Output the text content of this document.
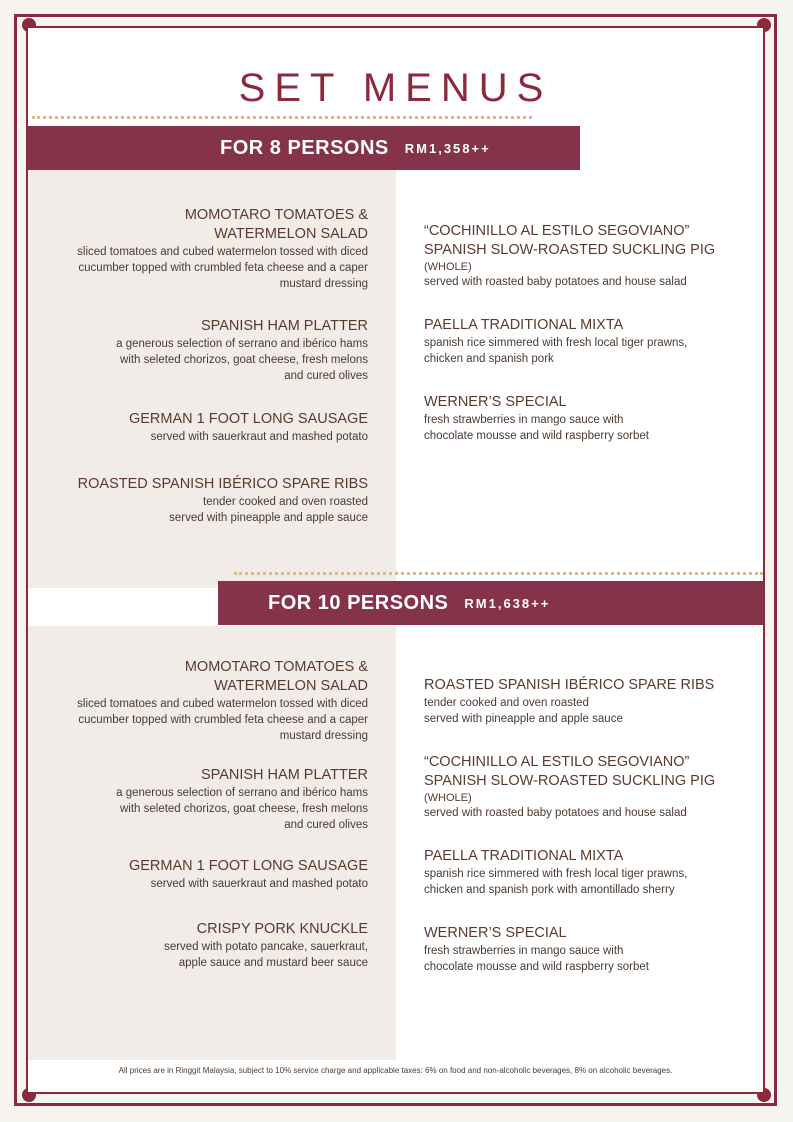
SET MENUS
FOR 8 PERSONS RM1,358++
MOMOTARO TOMATOES & WATERMELON SALAD
sliced tomatoes and cubed watermelon tossed with diced cucumber topped with crumbled feta cheese and a caper mustard dressing
SPANISH HAM PLATTER
a generous selection of serrano and ibérico hams with seleted chorizos, goat cheese, fresh melons and cured olives
GERMAN 1 FOOT LONG SAUSAGE
served with sauerkraut and mashed potato
ROASTED SPANISH IBÉRICO SPARE RIBS
tender cooked and oven roasted served with pineapple and apple sauce
“COCHINILLO AL ESTILO SEGOVIANO” SPANISH SLOW-ROASTED SUCKLING PIG
(WHOLE)
served with roasted baby potatoes and house salad
PAELLA TRADITIONAL MIXTA
spanish rice simmered with fresh local tiger prawns, chicken and spanish pork
WERNER’S SPECIAL
fresh strawberries in mango sauce with chocolate mousse and wild raspberry sorbet
FOR 10 PERSONS RM1,638++
MOMOTARO TOMATOES & WATERMELON SALAD
sliced tomatoes and cubed watermelon tossed with diced cucumber topped with crumbled feta cheese and a caper mustard dressing
SPANISH HAM PLATTER
a generous selection of serrano and ibérico hams with seleted chorizos, goat cheese, fresh melons and cured olives
GERMAN 1 FOOT LONG SAUSAGE
served with sauerkraut and mashed potato
CRISPY PORK KNUCKLE
served with potato pancake, sauerkraut, apple sauce and mustard beer sauce
ROASTED SPANISH IBÉRICO SPARE RIBS
tender cooked and oven roasted served with pineapple and apple sauce
“COCHINILLO AL ESTILO SEGOVIANO” SPANISH SLOW-ROASTED SUCKLING PIG
(WHOLE)
served with roasted baby potatoes and house salad
PAELLA TRADITIONAL MIXTA
spanish rice simmered with fresh local tiger prawns, chicken and spanish pork with amontillado sherry
WERNER’S SPECIAL
fresh strawberries in mango sauce with chocolate mousse and wild raspberry sorbet
All prices are in Ringgit Malaysia, subject to 10% service charge and applicable taxes: 6% on food and non-alcoholic beverages, 8% on alcoholic beverages.
